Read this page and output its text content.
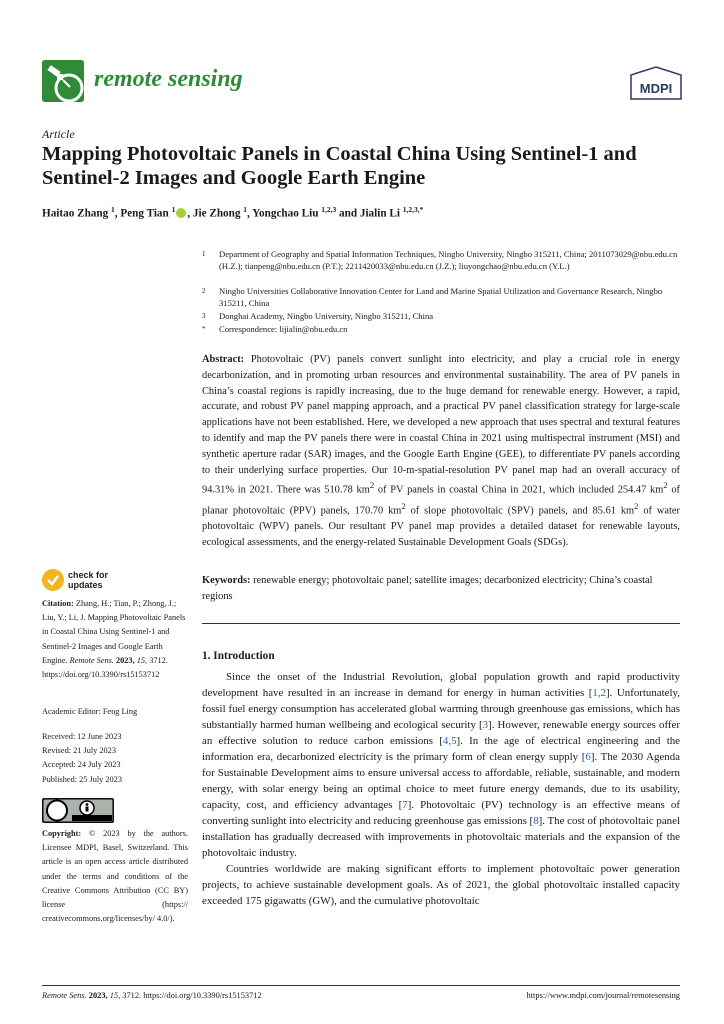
remote sensing	MDPI
Article
Mapping Photovoltaic Panels in Coastal China Using Sentinel-1 and Sentinel-2 Images and Google Earth Engine
Haitao Zhang $^1$, Peng Tian $^1$ , Jie Zhong $^1$, Yongchao Liu $^{1,2,3}$ and Jialin Li $^{1,2,3,*}$
1	Department of Geography and Spatial Information Techniques, Ningbo University, Ningbo 315211, China; 2011073029@nbu.edu.cn (H.Z.); tianpeng@nbu.edu.cn (P.T.); 2211420033@nbu.edu.cn (J.Z.); liuyongchao@nbu.edu.cn (Y.L.)
2	Ningbo Universities Collaborative Innovation Center for Land and Marine Spatial Utilization and Governance Research, Ningbo 315211, China
3	Donghai Academy, Ningbo University, Ningbo 315211, China
*	Correspondence: lijialin@nbu.edu.cn
Abstract: Photovoltaic (PV) panels convert sunlight into electricity, and play a crucial role in energy decarbonization, and in promoting urban resources and environmental sustainability. The area of PV panels in China’s coastal regions is rapidly increasing, due to the huge demand for renewable energy. However, a rapid, accurate, and robust PV panel mapping approach, and a practical PV panel classification strategy for large-scale applications have not been established. Here, we developed a new approach that uses spectral and textural features to identify and map the PV panels there were in coastal China in 2021 using multispectral instrument (MSI) and synthetic aperture radar (SAR) images, and the Google Earth Engine (GEE), to differentiate PV panels according to their underlying surface properties. Our 10-m-spatial-resolution PV panel map had an overall accuracy of 94.31% in 2021. There was 510.78 $km^2$ of PV panels in coastal China in 2021, which included 254.47 $km^2$ of planar photovoltaic (PPV) panels, 170.70 $km^2$ of slope photovoltaic (SPV) panels, and 85.61 $km^2$ of water photovoltaic (WPV) panels. Our resultant PV panel map provides a detailed dataset for renewable layouts, ecological assessments, and the energy-related Sustainable Development Goals (SDGs).
Keywords: renewable energy; photovoltaic panel; satellite images; decarbonized electricity; China’s coastal regions
check for
updates
Citation: Zhang, H.; Tian, P.; Zhong, J.; Liu, Y.; Li, J. Mapping Photovoltaic Panels in Coastal China Using Sentinel-1 and Sentinel-2 Images and Google Earth Engine. Remote Sens. 2023, 15, 3712. https://doi.org/10.3390/rs15153712
Academic Editor: Feng Ling
Received: 12 June 2023
Revised: 21 July 2023
Accepted: 24 July 2023
Published: 25 July 2023
Copyright: © 2023 by the authors. Licensee MDPI, Basel, Switzerland. This article is an open access article distributed under the terms and conditions of the Creative Commons Attribution (CC BY) license (https:// creativecommons.org/licenses/by/ 4.0/).
1. Introduction

Since the onset of the Industrial Revolution, global population growth and rapid productivity development have resulted in an increase in demand for energy in human activities [1,2]. Unfortunately, fossil fuel energy consumption has accelerated global warming through greenhouse gas emissions, which has substantially harmed human wellbeing and ecological security [3]. However, renewable energy sources offer an effective solution to reduce carbon emissions [4,5]. In the age of electrical engineering and the information era, decarbonized electricity is the primary form of clean energy supply [6]. The 2030 Agenda for Sustainable Development aims to ensure universal access to affordable, reliable, sustainable, and modern energy, with solar energy being an optimal choice to meet future energy demands, due to its usability, capacity, cost, and efficiency advantages [7]. Photovoltaic (PV) technology is an effective means of converting sunlight into electricity and reducing greenhouse gas emissions [8]. The cost of photovoltaic panel installation has gradually decreased with improvements in photovoltaic materials and the expansion of the photovoltaic industry.

Countries worldwide are making significant efforts to implement photovoltaic power generation projects, to achieve sustainable development goals. As of 2021, the global photovoltaic installed capacity exceeded 175 gigawatts (GW), and the cumulative photovoltaic

Remote Sens. 2023, 15, 3712. https://doi.org/10.3390/rs15153712	https://www.mdpi.com/journal/remotesensing
